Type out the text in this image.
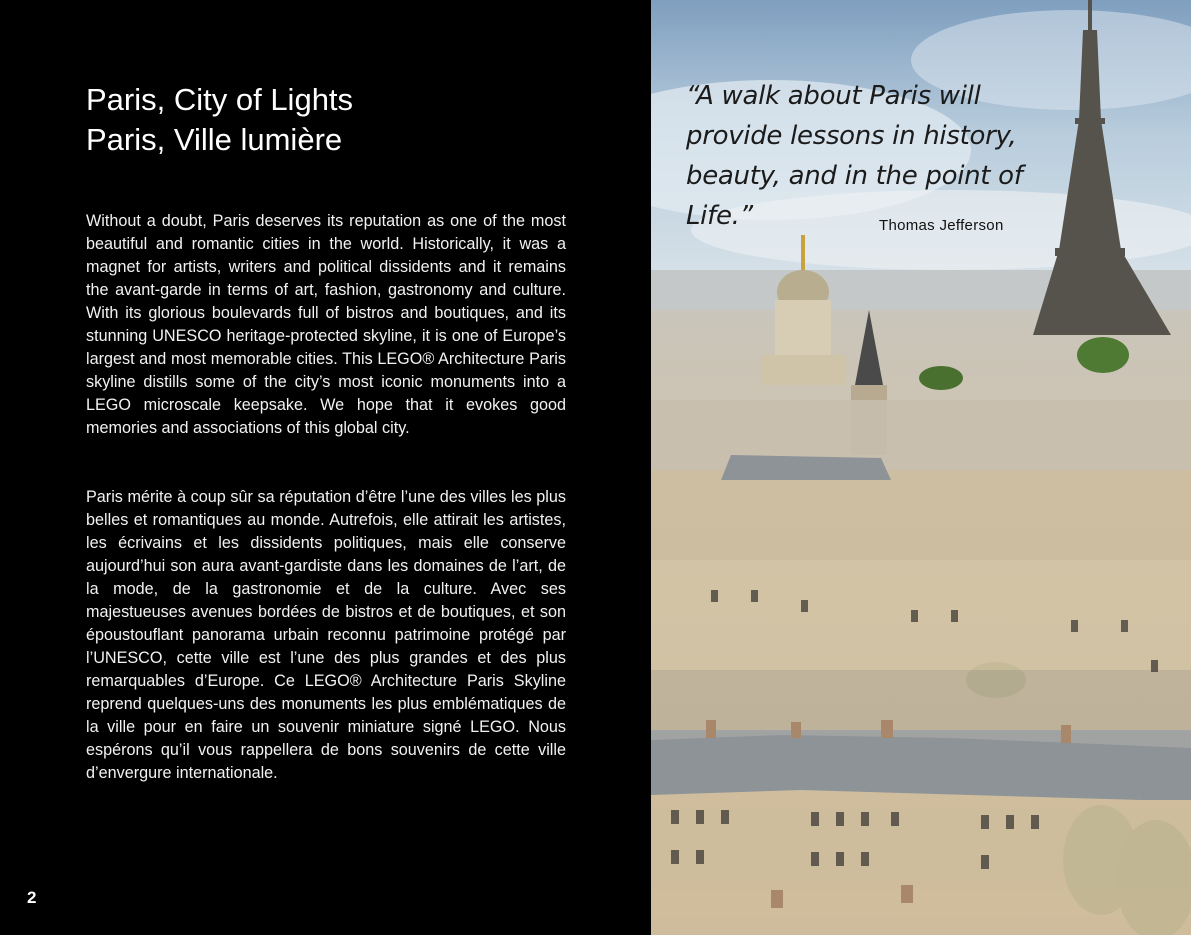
Paris, City of Lights
Paris, Ville lumière

Without a doubt, Paris deserves its reputation as one of the most beautiful and romantic cities in the world. Historically, it was a magnet for artists, writers and political dissidents and it remains the avant-garde in terms of art, fashion, gastronomy and culture. With its glorious boulevards full of bistros and boutiques, and its stunning UNESCO heritage-protected skyline, it is one of Europe’s largest and most memorable cities. This LEGO® Architecture Paris skyline distills some of the city’s most iconic monuments into a LEGO microscale keepsake. We hope that it evokes good memories and associations of this global city.

Paris mérite à coup sûr sa réputation d’être l’une des villes les plus belles et romantiques au monde. Autrefois, elle attirait les artistes, les écrivains et les dissidents politiques, mais elle conserve aujourd’hui son aura avant-gardiste dans les domaines de l’art, de la mode, de la gastronomie et de la culture. Avec ses majestueuses avenues bordées de bistros et de boutiques, et son époustouflant panorama urbain reconnu patrimoine protégé par l’UNESCO, cette ville est l’une des plus grandes et des plus remarquables d’Europe. Ce LEGO® Architecture Paris Skyline reprend quelques-uns des monuments les plus emblématiques de la ville pour en faire un souvenir miniature signé LEGO. Nous espérons qu’il vous rappellera de bons souvenirs de cette ville d’envergure internationale.

2

“A walk about Paris will provide lessons in history, beauty, and in the point of Life.”	Thomas Jefferson
